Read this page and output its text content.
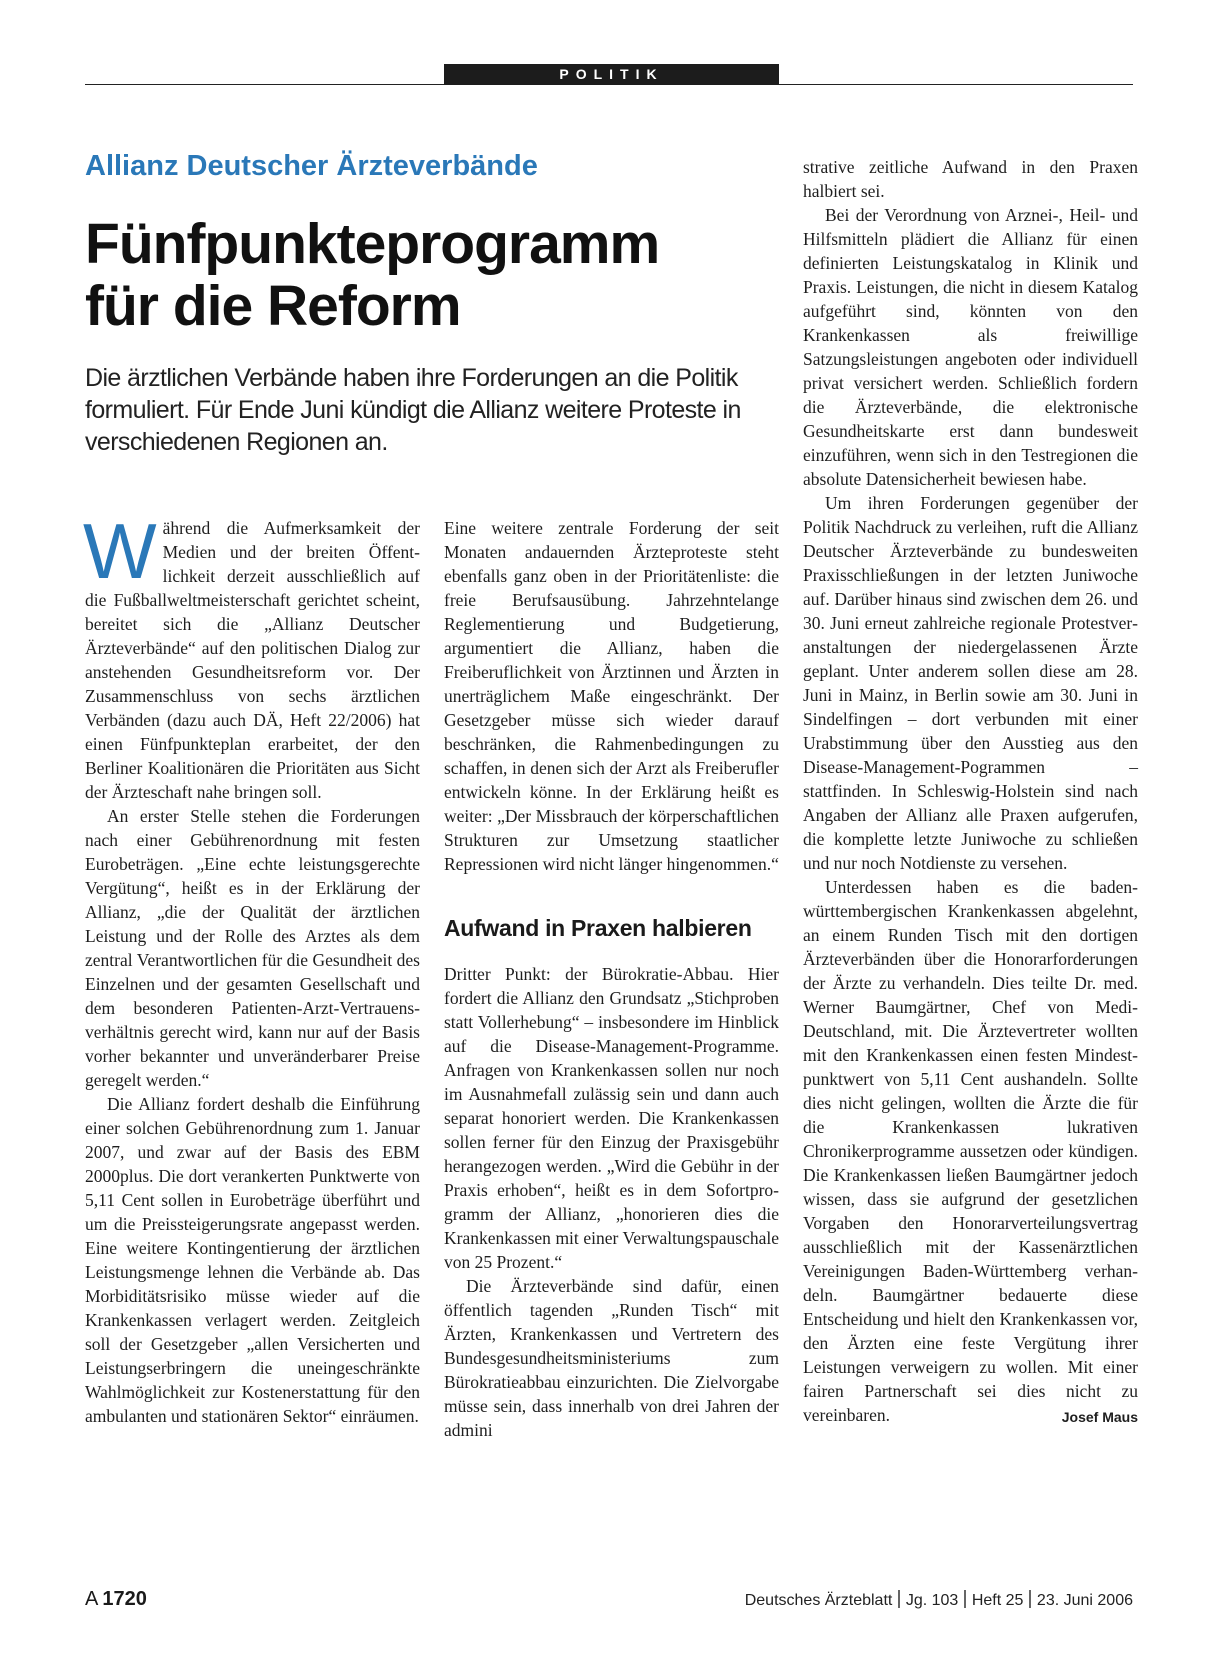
POLITIK
Allianz Deutscher Ärzteverbände
Fünfpunkteprogramm
für die Reform

Die ärztlichen Verbände haben ihre Forderungen an die Politik formuliert. Für Ende Juni kündigt die Allianz weitere Proteste in verschiedenen Regionen an.

Während die Aufmerksamkeit der Medien und der breiten Öffentlichkeit derzeit ausschließlich auf die Fußballweltmeisterschaft gerichtet scheint, bereitet sich die „Allianz Deutscher Ärzteverbände“ auf den politischen Dialog zur anstehenden Gesundheitsreform vor. Der Zusammenschluss von sechs ärztlichen Verbänden (dazu auch DÄ, Heft 22/2006) hat einen Fünfpunkteplan erarbeitet, der den Berliner Koalitionären die Prioritäten aus Sicht der Ärzteschaft nahe bringen soll.

An erster Stelle stehen die Forderungen nach einer Gebührenordnung mit festen Eurobeträgen. „Eine echte leistungsgerechte Vergütung“, heißt es in der Erklärung der Allianz, „die der Qualität der ärztlichen Leistung und der Rolle des Arztes als dem zentral Verantwortlichen für die Gesundheit des Einzelnen und der gesamten Gesellschaft und dem besonderen Patienten-Arzt-Vertrauensverhältnis gerecht wird, kann nur auf der Basis vorher bekannter und unveränderbarer Preise geregelt werden.“

Die Allianz fordert deshalb die Einführung einer solchen Gebührenordnung zum 1. Januar 2007, und zwar auf der Basis des EBM 2000plus. Die dort verankerten Punktwerte von 5,11 Cent sollen in Eurobeträge überführt und um die Preissteigerungsrate angepasst werden. Eine weitere Kontingentierung der ärztlichen Leistungsmenge lehnen die Verbände ab. Das Morbiditätsrisiko müsse wieder auf die Krankenkassen verlagert werden. Zeitgleich soll der Gesetzgeber „allen Versicherten und Leistungserbringern die uneingeschränkte Wahlmöglichkeit zur Kostenerstattung für den ambulanten und stationären Sektor“ einräumen.

Eine weitere zentrale Forderung der seit Monaten andauernden Ärzteproteste steht ebenfalls ganz oben in der Prioritätenliste: die freie Berufsausübung. Jahrzehntelange Reglementierung und Budgetierung, argumentiert die Allianz, haben die Freiberuflichkeit von Ärztinnen und Ärzten in unerträglichem Maße eingeschränkt. Der Gesetzgeber müsse sich wieder darauf beschränken, die Rahmenbedingungen zu schaffen, in denen sich der Arzt als Freiberufler entwickeln könne. In der Erklärung heißt es weiter: „Der Missbrauch der körperschaftlichen Strukturen zur Umsetzung staatlicher Repressionen wird nicht länger hingenommen.“

Aufwand in Praxen halbieren

Dritter Punkt: der Bürokratie-Abbau. Hier fordert die Allianz den Grundsatz „Stichproben statt Vollerhebung“ – insbesondere im Hinblick auf die Disease-Management-Programme. Anfragen von Krankenkassen sollen nur noch im Ausnahmefall zulässig sein und dann auch separat honoriert werden. Die Krankenkassen sollen ferner für den Einzug der Praxisgebühr herangezogen werden. „Wird die Gebühr in der Praxis erhoben“, heißt es in dem Sofortprogramm der Allianz, „honorieren dies die Krankenkassen mit einer Verwaltungspauschale von 25 Prozent.“

Die Ärzteverbände sind dafür, einen öffentlich tagenden „Runden Tisch“ mit Ärzten, Krankenkassen und Vertretern des Bundesgesundheitsministeriums zum Bürokratieabbau einzurichten. Die Zielvorgabe müsse sein, dass innerhalb von drei Jahren der admini

strative zeitliche Aufwand in den Praxen halbiert sei.

Bei der Verordnung von Arznei-, Heil- und Hilfsmitteln plädiert die Allianz für einen definierten Leistungskatalog in Klinik und Praxis. Leistungen, die nicht in diesem Katalog aufgeführt sind, könnten von den Krankenkassen als freiwillige Satzungsleistungen angeboten oder individuell privat versichert werden. Schließlich fordern die Ärzteverbände, die elektronische Gesundheitskarte erst dann bundesweit einzuführen, wenn sich in den Testregionen die absolute Datensicherheit bewiesen habe.

Um ihren Forderungen gegenüber der Politik Nachdruck zu verleihen, ruft die Allianz Deutscher Ärzteverbände zu bundesweiten Praxisschließungen in der letzten Juniwoche auf. Darüber hinaus sind zwischen dem 26. und 30. Juni erneut zahlreiche regionale Protestveranstaltungen der niedergelassenen Ärzte geplant. Unter anderem sollen diese am 28. Juni in Mainz, in Berlin sowie am 30. Juni in Sindelfingen – dort verbunden mit einer Urabstimmung über den Ausstieg aus den Disease-Management-Pogrammen – stattfinden. In Schleswig-Holstein sind nach Angaben der Allianz alle Praxen aufgerufen, die komplette letzte Juniwoche zu schließen und nur noch Notdienste zu versehen.

Unterdessen haben es die baden-württembergischen Krankenkassen abgelehnt, an einem Runden Tisch mit den dortigen Ärzteverbänden über die Honorarforderungen der Ärzte zu verhandeln. Dies teilte Dr. med. Werner Baumgärtner, Chef von Medi-Deutschland, mit. Die Ärztevertreter wollten mit den Krankenkassen einen festen Mindestpunktwert von 5,11 Cent aushandeln. Sollte dies nicht gelingen, wollten die Ärzte die für die Krankenkassen lukrativen Chronikerprogramme aussetzen oder kündigen. Die Krankenkassen ließen Baumgärtner jedoch wissen, dass sie aufgrund der gesetzlichen Vorgaben den Honorarverteilungsvertrag ausschließlich mit der Kassenärztlichen Vereinigungen Baden-Württemberg verhandeln. Baumgärtner bedauerte diese Entscheidung und hielt den Krankenkassen vor, den Ärzten eine feste Vergütung ihrer Leistungen verweigern zu wollen. Mit einer fairen Partnerschaft sei dies nicht zu vereinbaren.	Josef Maus

A  1720	Deutsches Ärzteblatt Jg. 103 Heft 25 23. Juni 2006
